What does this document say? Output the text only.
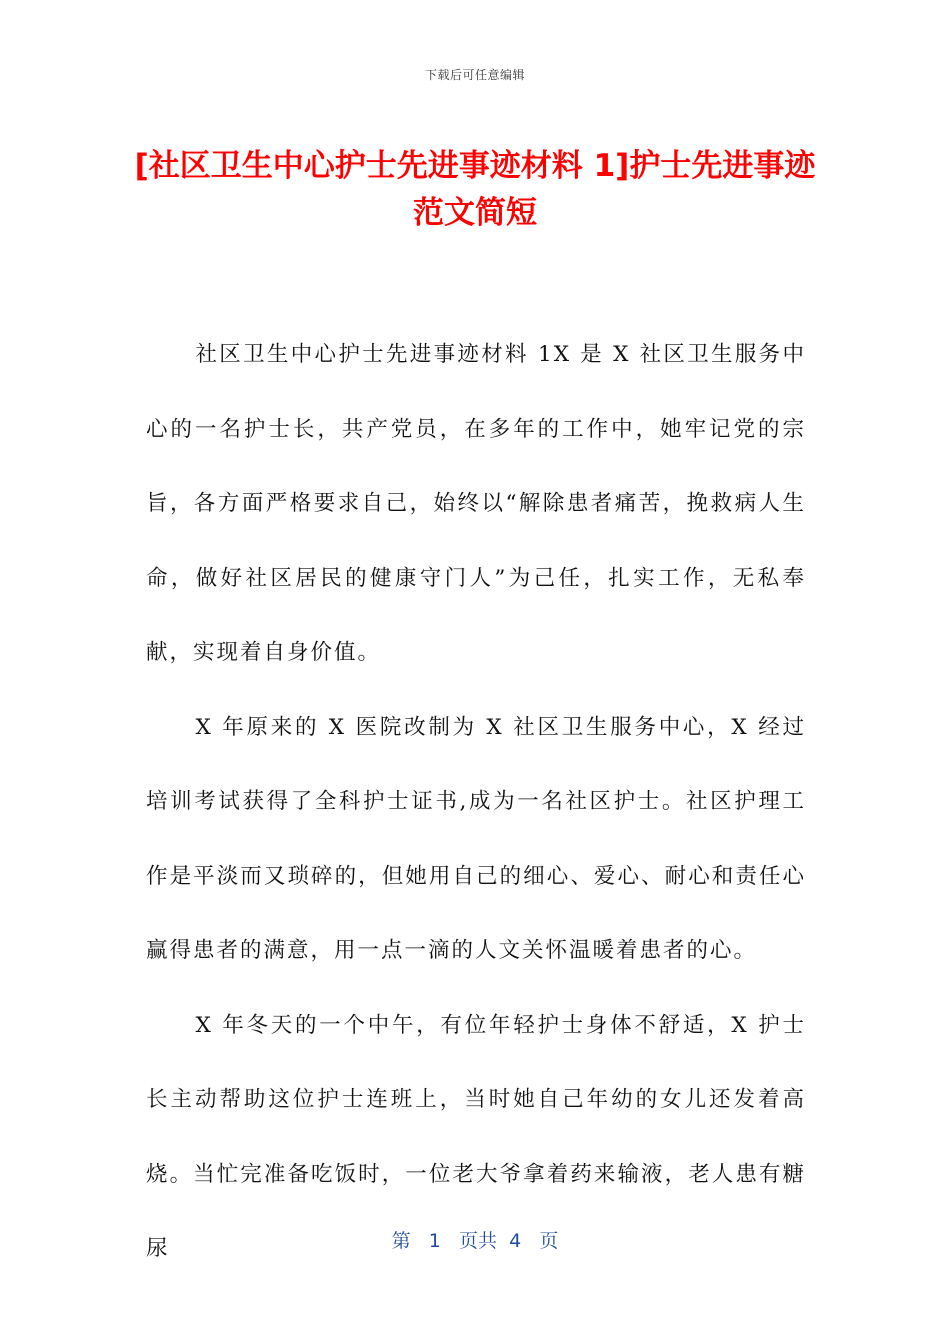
下载后可任意编辑
[社区卫生中心护士先进事迹材料 1]护士先进事迹范文简短

社区卫生中心护士先进事迹材料 1X 是 X 社区卫生服务中心的一名护士长，共产党员，在多年的工作中，她牢记党的宗旨，各方面严格要求自己，始终以“解除患者痛苦，挽救病人生命，做好社区居民的健康守门人”为己任，扎实工作，无私奉献，实现着自身价值。

X 年原来的 X 医院改制为 X 社区卫生服务中心，X 经过培训考试获得了全科护士证书,成为一名社区护士。社区护理工作是平淡而又琐碎的，但她用自己的细心、爱心、耐心和责任心赢得患者的满意，用一点一滴的人文关怀温暖着患者的心。

X 年冬天的一个中午，有位年轻护士身体不舒适，X 护士长主动帮助这位护士连班上，当时她自己年幼的女儿还发着高烧。当忙完准备吃饭时，一位老大爷拿着药来输液，老人患有糖尿	第 1 页共 4 页
